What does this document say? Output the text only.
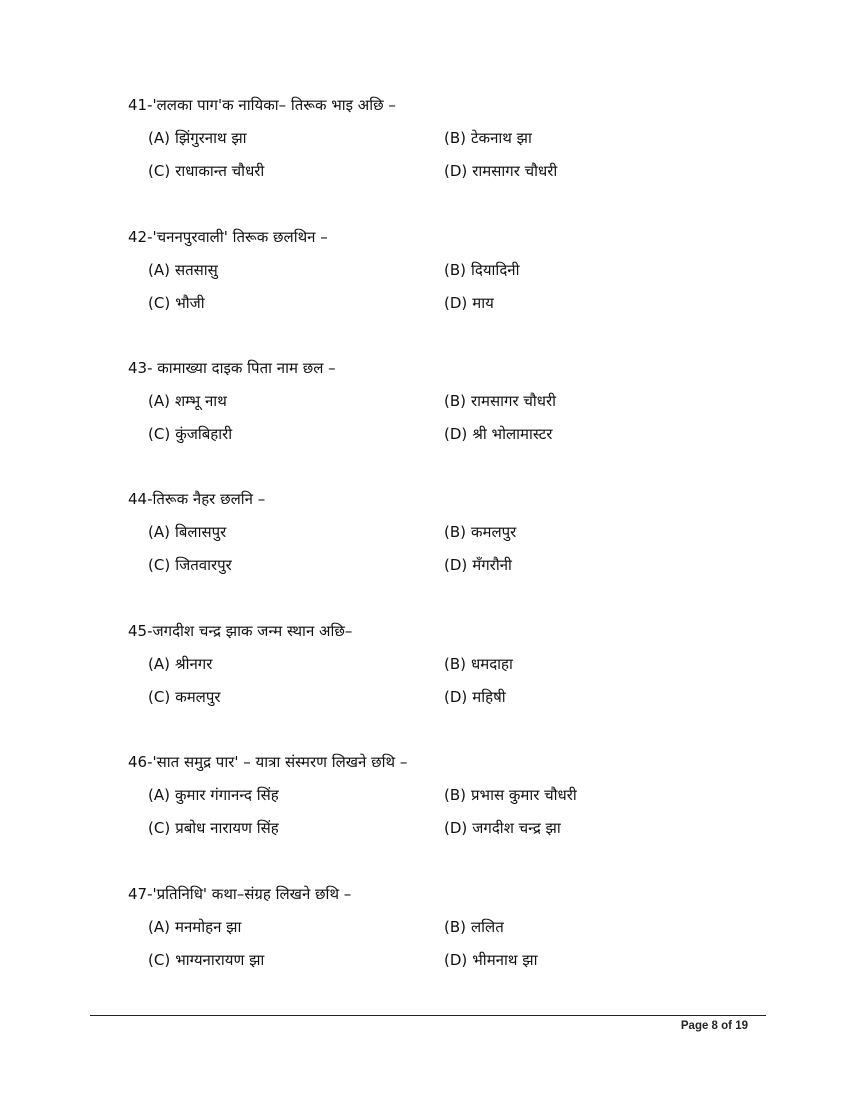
41-'ललका पाग'क नायिका– तिरूक भाइ अछि –
(A) झिंगुरनाथ झा	(B) टेकनाथ झा
(C) राधाकान्त चौधरी	(D) रामसागर चौधरी
42-'चननपुरवाली' तिरूक छलथिन –
(A) सतसासु	(B) दियादिनी
(C) भौजी	(D) माय
43- कामाख्या दाइक पिता नाम छल –
(A) शम्भू नाथ	(B) रामसागर चौधरी
(C) कुंजबिहारी	(D) श्री भोलामास्टर
44-तिरूक नैहर छलनि –
(A) बिलासपुर	(B) कमलपुर
(C) जितवारपुर	(D) मँगरौनी
45-जगदीश चन्द्र झाक जन्म स्थान अछि–
(A) श्रीनगर	(B) धमदाहा
(C) कमलपुर	(D) महिषी
46-'सात समुद्र पार' – यात्रा संस्मरण लिखने छथि –
(A) कुमार गंगानन्द सिंह	(B) प्रभास कुमार चौधरी
(C) प्रबोध नारायण सिंह	(D) जगदीश चन्द्र झा
47-'प्रतिनिधि' कथा–संग्रह लिखने छथि –
(A) मनमोहन झा	(B) ललित
(C) भाग्यनारायण झा	(D) भीमनाथ झा
Page 8 of 19
